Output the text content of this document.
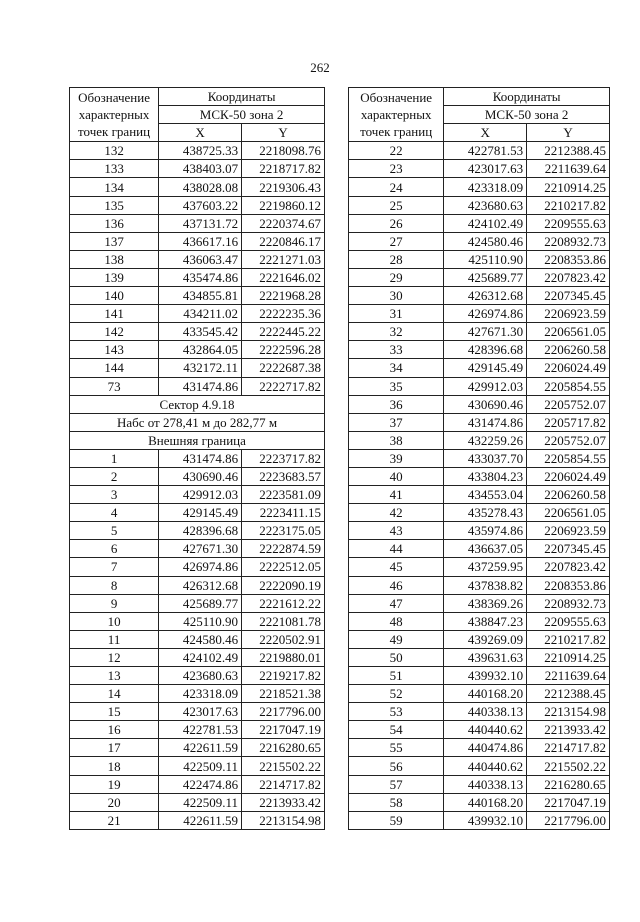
262
Обозначение
характерных
точек границ	Координаты	
	МСК-50 зона 2	
	X	Y
132	438725.33	2218098.76
133	438403.07	2218717.82
134	438028.08	2219306.43
135	437603.22	2219860.12
136	437131.72	2220374.67
137	436617.16	2220846.17
138	436063.47	2221271.03
139	435474.86	2221646.02
140	434855.81	2221968.28
141	434211.02	2222235.36
142	433545.42	2222445.22
143	432864.05	2222596.28
144	432172.11	2222687.38
73	431474.86	2222717.82
Сектор 4.9.18		
Набс от 278,41 м до 282,77 м		
Внешняя граница		
1	431474.86	2223717.82
2	430690.46	2223683.57
3	429912.03	2223581.09
4	429145.49	2223411.15
5	428396.68	2223175.05
6	427671.30	2222874.59
7	426974.86	2222512.05
8	426312.68	2222090.19
9	425689.77	2221612.22
10	425110.90	2221081.78
11	424580.46	2220502.91
12	424102.49	2219880.01
13	423680.63	2219217.82
14	423318.09	2218521.38
15	423017.63	2217796.00
16	422781.53	2217047.19
17	422611.59	2216280.65
18	422509.11	2215502.22
19	422474.86	2214717.82
20	422509.11	2213933.42
21	422611.59	2213154.98
Обозначение
характерных
точек границ	Координаты	
	МСК-50 зона 2	
	X	Y
22	422781.53	2212388.45
23	423017.63	2211639.64
24	423318.09	2210914.25
25	423680.63	2210217.82
26	424102.49	2209555.63
27	424580.46	2208932.73
28	425110.90	2208353.86
29	425689.77	2207823.42
30	426312.68	2207345.45
31	426974.86	2206923.59
32	427671.30	2206561.05
33	428396.68	2206260.58
34	429145.49	2206024.49
35	429912.03	2205854.55
36	430690.46	2205752.07
37	431474.86	2205717.82
38	432259.26	2205752.07
39	433037.70	2205854.55
40	433804.23	2206024.49
41	434553.04	2206260.58
42	435278.43	2206561.05
43	435974.86	2206923.59
44	436637.05	2207345.45
45	437259.95	2207823.42
46	437838.82	2208353.86
47	438369.26	2208932.73
48	438847.23	2209555.63
49	439269.09	2210217.82
50	439631.63	2210914.25
51	439932.10	2211639.64
52	440168.20	2212388.45
53	440338.13	2213154.98
54	440440.62	2213933.42
55	440474.86	2214717.82
56	440440.62	2215502.22
57	440338.13	2216280.65
58	440168.20	2217047.19
59	439932.10	2217796.00
